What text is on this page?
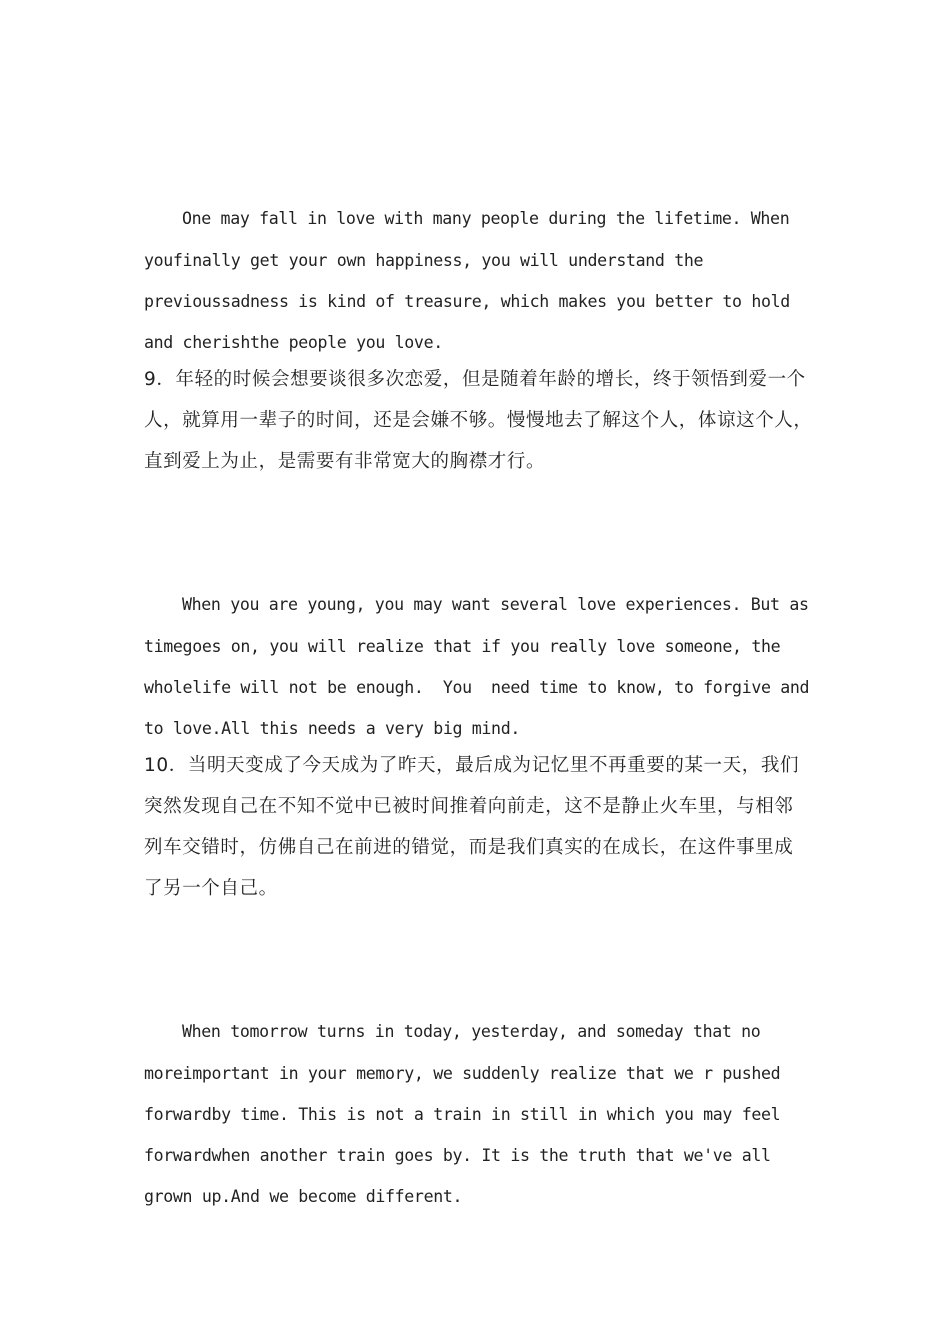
One may fall in love with many people during the lifetime. When
youfinally get your own happiness, you will understand the
previoussadness is kind of treasure, which makes you better to hold
and cherishthe people you love.

9．年轻的时候会想要谈很多次恋爱，但是随着年龄的增长，终于领悟到爱一个
人，就算用一辈子的时间，还是会嫌不够。慢慢地去了解这个人，体谅这个人，
直到爱上为止，是需要有非常宽大的胸襟才行。

When you are young, you may want several love experiences. But as
timegoes on, you will realize that if you really love someone, the
wholelife will not be enough.  You  need time to know, to forgive and
to love.All this needs a very big mind.

10．当明天变成了今天成为了昨天，最后成为记忆里不再重要的某一天，我们
突然发现自己在不知不觉中已被时间推着向前走，这不是静止火车里，与相邻
列车交错时，仿佛自己在前进的错觉，而是我们真实的在成长，在这件事里成
了另一个自己。

When tomorrow turns in today, yesterday, and someday that no
moreimportant in your memory, we suddenly realize that we r pushed
forwardby time. This is not a train in still in which you may feel
forwardwhen another train goes by. It is the truth that we've all
grown up.And we become different.
